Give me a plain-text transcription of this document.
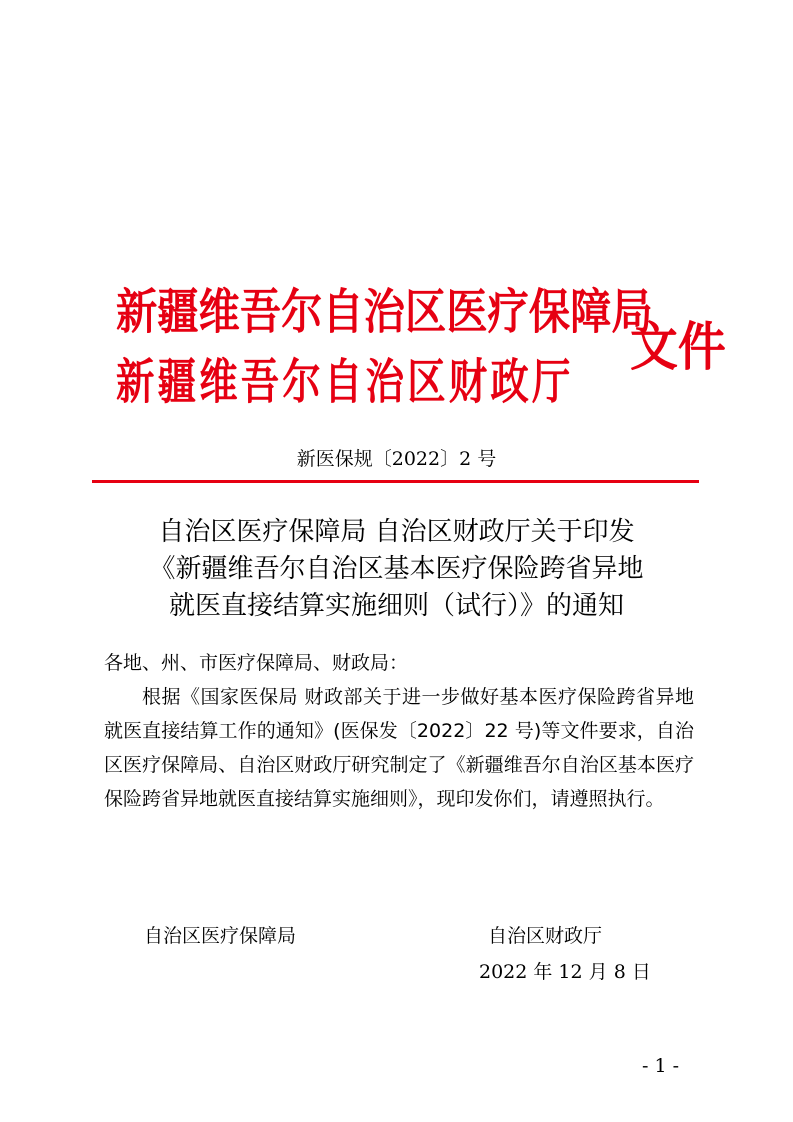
新疆维吾尔自治区医疗保障局
新疆维吾尔自治区财政厅
文件
新医保规〔2022〕2 号
自治区医疗保障局 自治区财政厅关于印发
《新疆维吾尔自治区基本医疗保险跨省异地
就医直接结算实施细则（试行）》的通知
各地、州、市医疗保障局、财政局：
根据《国家医保局 财政部关于进一步做好基本医疗保险跨省异地就医直接结算工作的通知》(医保发〔2022〕22 号)等文件要求，自治区医疗保障局、自治区财政厅研究制定了《新疆维吾尔自治区基本医疗保险跨省异地就医直接结算实施细则》，现印发你们，请遵照执行。
自治区医疗保障局	自治区财政厅
2022 年 12 月 8 日
- 1 -
